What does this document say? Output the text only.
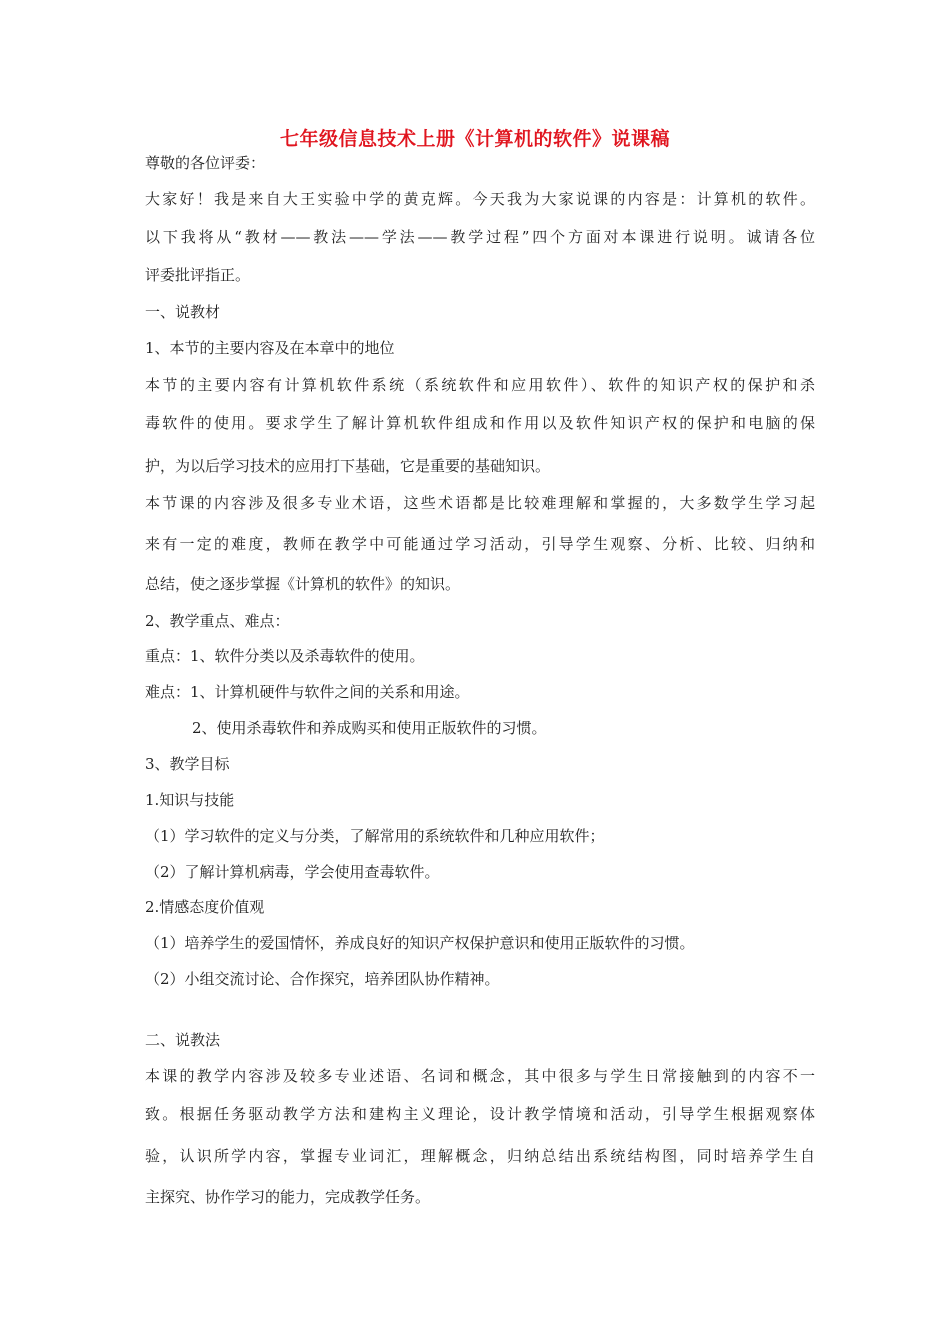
七年级信息技术上册《计算机的软件》说课稿
尊敬的各位评委：
大家好！我是来自大王实验中学的黄克辉。今天我为大家说课的内容是：计算机的软件。
以下我将从“教材——教法——学法——教学过程”四个方面对本课进行说明。诚请各位
评委批评指正。
一、说教材
1、本节的主要内容及在本章中的地位
本节的主要内容有计算机软件系统（系统软件和应用软件）、软件的知识产权的保护和杀
毒软件的使用。要求学生了解计算机软件组成和作用以及软件知识产权的保护和电脑的保
护，为以后学习技术的应用打下基础，它是重要的基础知识。
本节课的内容涉及很多专业术语，这些术语都是比较难理解和掌握的，大多数学生学习起
来有一定的难度，教师在教学中可能通过学习活动，引导学生观察、分析、比较、归纳和
总结，使之逐步掌握《计算机的软件》的知识。
2、教学重点、难点：
重点：1、软件分类以及杀毒软件的使用。
难点：1、计算机硬件与软件之间的关系和用途。
2、使用杀毒软件和养成购买和使用正版软件的习惯。
3、教学目标
1.知识与技能
（1）学习软件的定义与分类，了解常用的系统软件和几种应用软件；
（2）了解计算机病毒，学会使用查毒软件。
2.情感态度价值观
（1）培养学生的爱国情怀，养成良好的知识产权保护意识和使用正版软件的习惯。
（2）小组交流讨论、合作探究，培养团队协作精神。
二、说教法
本课的教学内容涉及较多专业述语、名词和概念，其中很多与学生日常接触到的内容不一
致。根据任务驱动教学方法和建构主义理论，设计教学情境和活动，引导学生根据观察体
验，认识所学内容，掌握专业词汇，理解概念，归纳总结出系统结构图，同时培养学生自
主探究、协作学习的能力，完成教学任务。
